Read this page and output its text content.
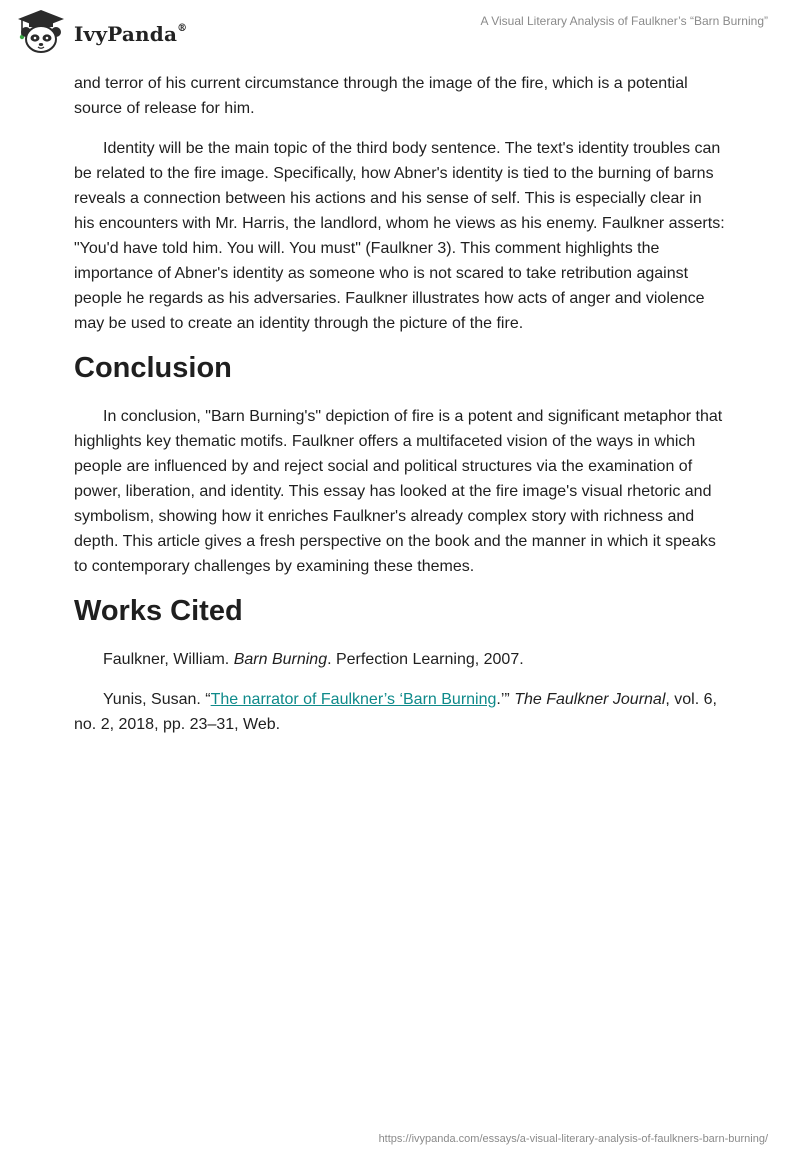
IvyPanda®
A Visual Literary Analysis of Faulkner’s “Barn Burning”

and terror of his current circumstance through the image of the fire, which is a potential source of release for him.

Identity will be the main topic of the third body sentence. The text's identity troubles can be related to the fire image. Specifically, how Abner's identity is tied to the burning of barns reveals a connection between his actions and his sense of self. This is especially clear in his encounters with Mr. Harris, the landlord, whom he views as his enemy. Faulkner asserts: "You'd have told him. You will. You must" (Faulkner 3). This comment highlights the importance of Abner's identity as someone who is not scared to take retribution against people he regards as his adversaries. Faulkner illustrates how acts of anger and violence may be used to create an identity through the picture of the fire.

Conclusion

In conclusion, "Barn Burning's" depiction of fire is a potent and significant metaphor that highlights key thematic motifs. Faulkner offers a multifaceted vision of the ways in which people are influenced by and reject social and political structures via the examination of power, liberation, and identity. This essay has looked at the fire image's visual rhetoric and symbolism, showing how it enriches Faulkner's already complex story with richness and depth. This article gives a fresh perspective on the book and the manner in which it speaks to contemporary challenges by examining these themes.

Works Cited

Faulkner, William. Barn Burning. Perfection Learning, 2007.

Yunis, Susan. “The narrator of Faulkner’s ‘Barn Burning.’” The Faulkner Journal, vol. 6, no. 2, 2018, pp. 23–31, Web.

https://ivypanda.com/essays/a-visual-literary-analysis-of-faulkners-barn-burning/
